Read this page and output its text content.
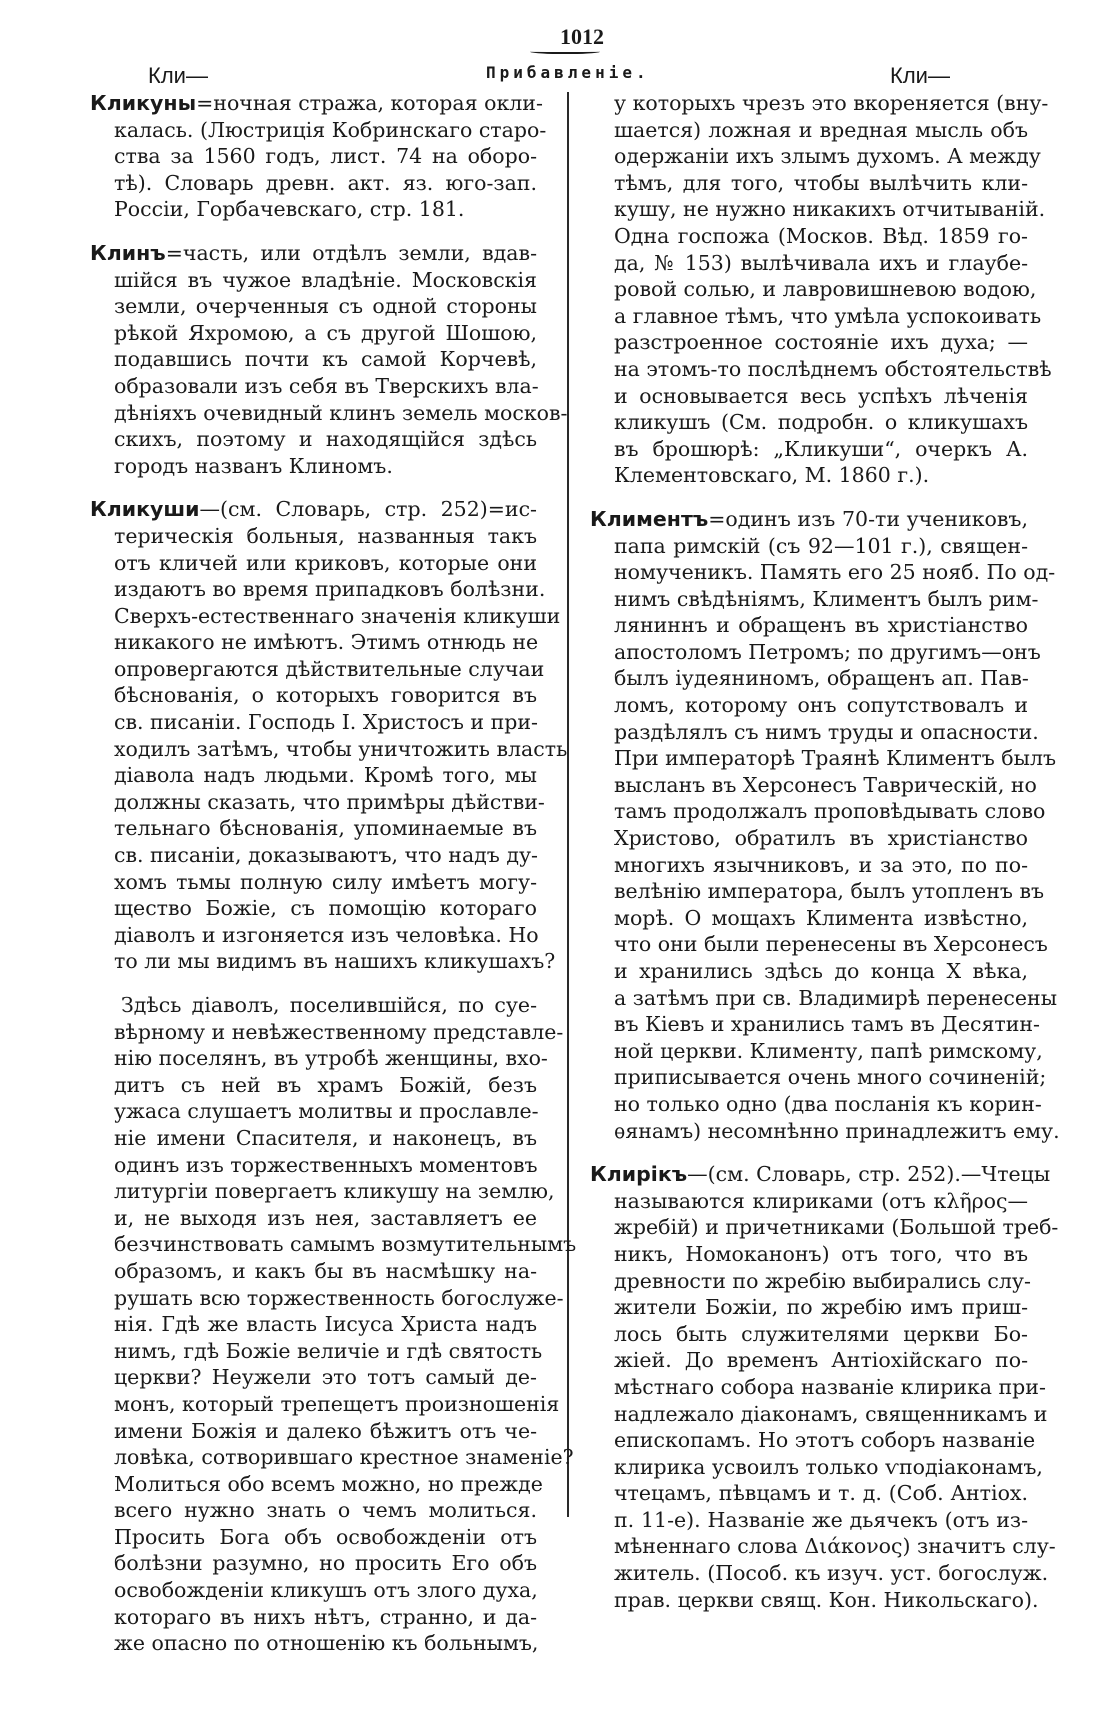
1012
Кли—	Прибавленіе.	Кли—
Кликуны=ночная стража, которая окли-
калась. (Люстриція Кобринскаго старо-
ства за 1560 годъ, лист. 74 на оборо-
тѣ). Словарь древн. акт. яз. юго-зап.
Россіи, Горбачевскаго, стр. 181.
Клинъ=часть, или отдѣлъ земли, вдав-
шійся въ чужое владѣніе. Московскія
земли, очерченныя съ одной стороны
рѣкой Яхромою, а съ другой Шошою,
подавшись почти къ самой Корчевѣ,
образовали изъ себя въ Тверскихъ вла-
дѣніяхъ очевидный клинъ земель москов-
скихъ, поэтому и находящійся здѣсь
городъ названъ Клиномъ.
Кликуши—(см. Словарь, стр. 252)=ис-
терическія больныя, названныя такъ
отъ кличей или криковъ, которые они
издаютъ во время припадковъ болѣзни.
Сверхъ-естественнаго значенія кликуши
никакого не имѣютъ. Этимъ отнюдь не
опровергаются дѣйствительные случаи
бѣснованія, о которыхъ говорится въ
св. писаніи. Господь І. Христосъ и при-
ходилъ затѣмъ, чтобы уничтожить власть
діавола надъ людьми. Кромѣ того, мы
должны сказать, что примѣры дѣйстви-
тельнаго бѣснованія, упоминаемые въ
св. писаніи, доказываютъ, что надъ ду-
хомъ тьмы полную силу имѣетъ могу-
щество Божіе, съ помощію котораго
діаволъ и изгоняется изъ человѣка. Но
то ли мы видимъ въ нашихъ кликушахъ?
Здѣсь діаволъ, поселившійся, по суе-
вѣрному и невѣжественному представле-
нію поселянъ, въ утробѣ женщины, вхо-
дитъ съ ней въ храмъ Божій, безъ
ужаса слушаетъ молитвы и прославле-
ніе имени Спасителя, и наконецъ, въ
одинъ изъ торжественныхъ моментовъ
литургіи повергаетъ кликушу на землю,
и, не выходя изъ нея, заставляетъ ее
безчинствовать самымъ возмутительнымъ
образомъ, и какъ бы въ насмѣшку на-
рушать всю торжественность богослуже-
нія. Гдѣ же власть Іисуса Христа надъ
нимъ, гдѣ Божіе величіе и гдѣ святость
церкви? Неужели это тотъ самый де-
монъ, который трепещетъ произношенія
имени Божія и далеко бѣжитъ отъ че-
ловѣка, сотворившаго крестное знаменіе?
Молиться обо всемъ можно, но прежде
всего нужно знать о чемъ молиться.
Просить Бога объ освобожденіи отъ
болѣзни разумно, но просить Его объ
освобожденіи кликушъ отъ злого духа,
котораго въ нихъ нѣтъ, странно, и да-
же опасно по отношенію къ больнымъ,
у которыхъ чрезъ это вкореняется (вну-
шается) ложная и вредная мысль объ
одержаніи ихъ злымъ духомъ. А между
тѣмъ, для того, чтобы вылѣчить кли-
кушу, не нужно никакихъ отчитываній.
Одна госпожа (Москов. Вѣд. 1859 го-
да, № 153) вылѣчивала ихъ и глаубе-
ровой солью, и лавровишневою водою,
а главное тѣмъ, что умѣла успокоивать
разстроенное состояніе ихъ духа; —
на этомъ-то послѣднемъ обстоятельствѣ
и основывается весь успѣхъ лѣченія
кликушъ (См. подробн. о кликушахъ
въ брошюрѣ: „Кликуши“, очеркъ А.
Клементовскаго, М. 1860 г.).
Климентъ=одинъ изъ 70-ти учениковъ,
папа римскій (съ 92—101 г.), священ-
номученикъ. Память его 25 нояб. По од-
нимъ свѣдѣніямъ, Климентъ былъ рим-
ляниннъ и обращенъ въ христіанство
апостоломъ Петромъ; по другимъ—онъ
былъ іудеяниномъ, обращенъ ап. Пав-
ломъ, которому онъ сопутствовалъ и
раздѣлялъ съ нимъ труды и опасности.
При императорѣ Траянѣ Климентъ былъ
высланъ въ Херсонесъ Таврическій, но
тамъ продолжалъ проповѣдывать слово
Христово, обратилъ въ христіанство
многихъ язычниковъ, и за это, по по-
велѣнію императора, былъ утопленъ въ
морѣ. О мощахъ Климента извѣстно,
что они были перенесены въ Херсонесъ
и хранились здѣсь до конца X вѣка,
а затѣмъ при св. Владимирѣ перенесены
въ Кіевъ и хранились тамъ въ Десятин-
ной церкви. Клименту, папѣ римскому,
приписывается очень много сочиненій;
но только одно (два посланія къ корин-
ѳянамъ) несомнѣнно принадлежитъ ему.
Клирікъ—(см. Словарь, стр. 252).—Чтецы
называются клириками (отъ κλῆρος—
жребій) и причетниками (Большой треб-
никъ, Номоканонъ) отъ того, что въ
древности по жребію выбирались слу-
жители Божіи, по жребію имъ приш-
лось быть служителями церкви Бо-
жіей. До временъ Антіохійскаго по-
мѣстнаго собора названіе клирика при-
надлежало діаконамъ, священникамъ и
епископамъ. Но этотъ соборъ названіе
клирика усвоилъ только ѵподіаконамъ,
чтецамъ, пѣвцамъ и т. д. (Соб. Антіох.
п. 11-е). Названіе же дьячекъ (отъ из-
мѣненнаго слова Διάκονος) значитъ слу-
житель. (Пособ. къ изуч. уст. богослуж.
прав. церкви свящ. Кон. Никольскаго).
